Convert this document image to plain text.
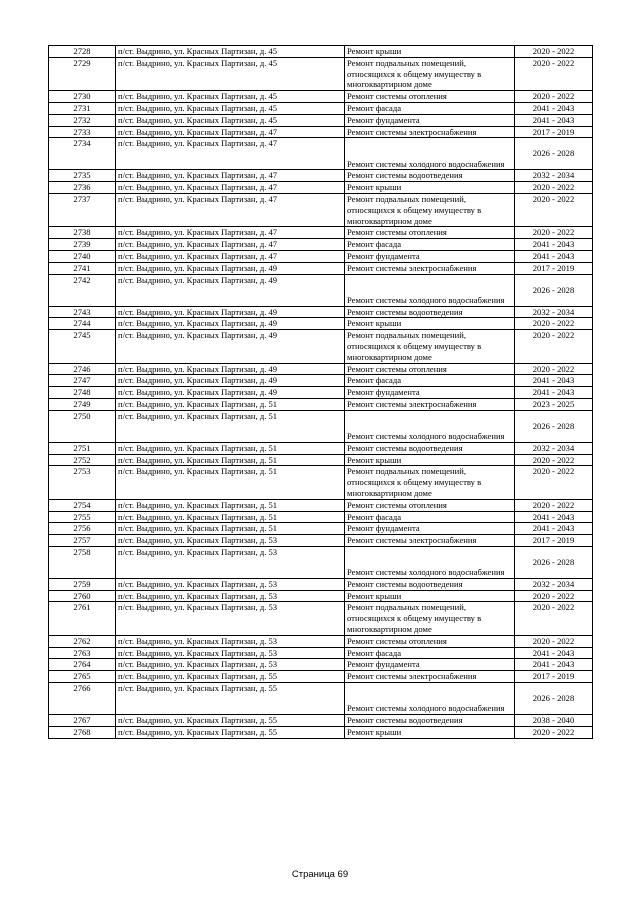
2728	п/ст. Выдрино, ул. Красных Партизан, д. 45	Ремонт крыши	2020 - 2022
2729	п/ст. Выдрино, ул. Красных Партизан, д. 45	Ремонт подвальных помещений, относящихся к общему имуществу в многоквартирном доме	2020 - 2022
2730	п/ст. Выдрино, ул. Красных Партизан, д. 45	Ремонт системы отопления	2020 - 2022
2731	п/ст. Выдрино, ул. Красных Партизан, д. 45	Ремонт фасада	2041 - 2043
2732	п/ст. Выдрино, ул. Красных Партизан, д. 45	Ремонт фундамента	2041 - 2043
2733	п/ст. Выдрино, ул. Красных Партизан, д. 47	Ремонт системы электроснабжения	2017 - 2019
2734	п/ст. Выдрино, ул. Красных Партизан, д. 47	Ремонт системы холодного водоснабжения	2026 - 2028
2735	п/ст. Выдрино, ул. Красных Партизан, д. 47	Ремонт системы водоотведения	2032 - 2034
2736	п/ст. Выдрино, ул. Красных Партизан, д. 47	Ремонт крыши	2020 - 2022
2737	п/ст. Выдрино, ул. Красных Партизан, д. 47	Ремонт подвальных помещений, относящихся к общему имуществу в многоквартирном доме	2020 - 2022
2738	п/ст. Выдрино, ул. Красных Партизан, д. 47	Ремонт системы отопления	2020 - 2022
2739	п/ст. Выдрино, ул. Красных Партизан, д. 47	Ремонт фасада	2041 - 2043
2740	п/ст. Выдрино, ул. Красных Партизан, д. 47	Ремонт фундамента	2041 - 2043
2741	п/ст. Выдрино, ул. Красных Партизан, д. 49	Ремонт системы электроснабжения	2017 - 2019
2742	п/ст. Выдрино, ул. Красных Партизан, д. 49	Ремонт системы холодного водоснабжения	2026 - 2028
2743	п/ст. Выдрино, ул. Красных Партизан, д. 49	Ремонт системы водоотведения	2032 - 2034
2744	п/ст. Выдрино, ул. Красных Партизан, д. 49	Ремонт крыши	2020 - 2022
2745	п/ст. Выдрино, ул. Красных Партизан, д. 49	Ремонт подвальных помещений, относящихся к общему имуществу в многоквартирном доме	2020 - 2022
2746	п/ст. Выдрино, ул. Красных Партизан, д. 49	Ремонт системы отопления	2020 - 2022
2747	п/ст. Выдрино, ул. Красных Партизан, д. 49	Ремонт фасада	2041 - 2043
2748	п/ст. Выдрино, ул. Красных Партизан, д. 49	Ремонт фундамента	2041 - 2043
2749	п/ст. Выдрино, ул. Красных Партизан, д. 51	Ремонт системы электроснабжения	2023 - 2025
2750	п/ст. Выдрино, ул. Красных Партизан, д. 51	Ремонт системы холодного водоснабжения	2026 - 2028
2751	п/ст. Выдрино, ул. Красных Партизан, д. 51	Ремонт системы водоотведения	2032 - 2034
2752	п/ст. Выдрино, ул. Красных Партизан, д. 51	Ремонт крыши	2020 - 2022
2753	п/ст. Выдрино, ул. Красных Партизан, д. 51	Ремонт подвальных помещений, относящихся к общему имуществу в многоквартирном доме	2020 - 2022
2754	п/ст. Выдрино, ул. Красных Партизан, д. 51	Ремонт системы отопления	2020 - 2022
2755	п/ст. Выдрино, ул. Красных Партизан, д. 51	Ремонт фасада	2041 - 2043
2756	п/ст. Выдрино, ул. Красных Партизан, д. 51	Ремонт фундамента	2041 - 2043
2757	п/ст. Выдрино, ул. Красных Партизан, д. 53	Ремонт системы электроснабжения	2017 - 2019
2758	п/ст. Выдрино, ул. Красных Партизан, д. 53	Ремонт системы холодного водоснабжения	2026 - 2028
2759	п/ст. Выдрино, ул. Красных Партизан, д. 53	Ремонт системы водоотведения	2032 - 2034
2760	п/ст. Выдрино, ул. Красных Партизан, д. 53	Ремонт крыши	2020 - 2022
2761	п/ст. Выдрино, ул. Красных Партизан, д. 53	Ремонт подвальных помещений, относящихся к общему имуществу в многоквартирном доме	2020 - 2022
2762	п/ст. Выдрино, ул. Красных Партизан, д. 53	Ремонт системы отопления	2020 - 2022
2763	п/ст. Выдрино, ул. Красных Партизан, д. 53	Ремонт фасада	2041 - 2043
2764	п/ст. Выдрино, ул. Красных Партизан, д. 53	Ремонт фундамента	2041 - 2043
2765	п/ст. Выдрино, ул. Красных Партизан, д. 55	Ремонт системы электроснабжения	2017 - 2019
2766	п/ст. Выдрино, ул. Красных Партизан, д. 55	Ремонт системы холодного водоснабжения	2026 - 2028
2767	п/ст. Выдрино, ул. Красных Партизан, д. 55	Ремонт системы водоотведения	2038 - 2040
2768	п/ст. Выдрино, ул. Красных Партизан, д. 55	Ремонт крыши	2020 - 2022
Страница 69
